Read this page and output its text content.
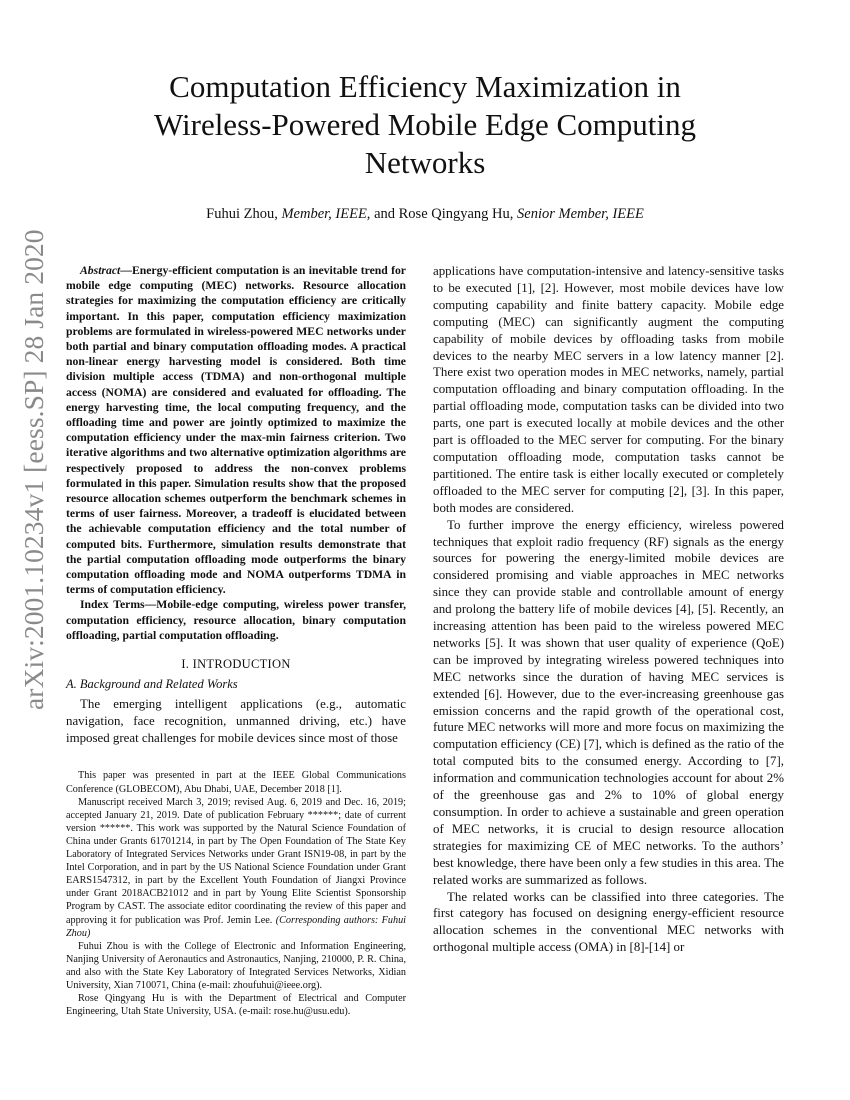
arXiv:2001.10234v1 [eess.SP] 28 Jan 2020
Computation Efficiency Maximization in
Wireless-Powered Mobile Edge Computing
Networks

Fuhui Zhou, Member, IEEE, and Rose Qingyang Hu, Senior Member, IEEE

Abstract—Energy-efficient computation is an inevitable trend for mobile edge computing (MEC) networks. Resource allocation strategies for maximizing the computation efficiency are critically important. In this paper, computation efficiency maximization problems are formulated in wireless-powered MEC networks under both partial and binary computation offloading modes. A practical non-linear energy harvesting model is considered. Both time division multiple access (TDMA) and non-orthogonal multiple access (NOMA) are considered and evaluated for offloading. The energy harvesting time, the local computing frequency, and the offloading time and power are jointly optimized to maximize the computation efficiency under the max-min fairness criterion. Two iterative algorithms and two alternative optimization algorithms are respectively proposed to address the non-convex problems formulated in this paper. Simulation results show that the proposed resource allocation schemes outperform the benchmark schemes in terms of user fairness. Moreover, a tradeoff is elucidated between the achievable computation efficiency and the total number of computed bits. Furthermore, simulation results demonstrate that the partial computation offloading mode outperforms the binary computation offloading mode and NOMA outperforms TDMA in terms of computation efficiency.

Index Terms—Mobile-edge computing, wireless power transfer, computation efficiency, resource allocation, binary computation offloading, partial computation offloading.

I. INTRODUCTION

A. Background and Related Works

The emerging intelligent applications (e.g., automatic navigation, face recognition, unmanned driving, etc.) have imposed great challenges for mobile devices since most of those

This paper was presented in part at the IEEE Global Communications Conference (GLOBECOM), Abu Dhabi, UAE, December 2018 [1].

Manuscript received March 3, 2019; revised Aug. 6, 2019 and Dec. 16, 2019; accepted January 21, 2019. Date of publication February ******; date of current version ******. This work was supported by the Natural Science Foundation of China under Grants 61701214, in part by The Open Foundation of The State Key Laboratory of Integrated Services Networks under Grant ISN19-08, in part by the Intel Corporation, and in part by the US National Science Foundation under Grant EARS1547312, in part by the Excellent Youth Foundation of Jiangxi Province under Grant 2018ACB21012 and in part by Young Elite Scientist Sponsorship Program by CAST. The associate editor coordinating the review of this paper and approving it for publication was Prof. Jemin Lee. (Corresponding authors: Fuhui Zhou)

Fuhui Zhou is with the College of Electronic and Information Engineering, Nanjing University of Aeronautics and Astronautics, Nanjing, 210000, P. R. China, and also with the State Key Laboratory of Integrated Services Networks, Xidian University, Xian 710071, China (e-mail: zhoufuhui@ieee.org).

Rose Qingyang Hu is with the Department of Electrical and Computer Engineering, Utah State University, USA. (e-mail: rose.hu@usu.edu).

applications have computation-intensive and latency-sensitive tasks to be executed [1], [2]. However, most mobile devices have low computing capability and finite battery capacity. Mobile edge computing (MEC) can significantly augment the computing capability of mobile devices by offloading tasks from mobile devices to the nearby MEC servers in a low latency manner [2]. There exist two operation modes in MEC networks, namely, partial computation offloading and binary computation offloading. In the partial offloading mode, computation tasks can be divided into two parts, one part is executed locally at mobile devices and the other part is offloaded to the MEC server for computing. For the binary computation offloading mode, computation tasks cannot be partitioned. The entire task is either locally executed or completely offloaded to the MEC server for computing [2], [3]. In this paper, both modes are considered.

To further improve the energy efficiency, wireless powered techniques that exploit radio frequency (RF) signals as the energy sources for powering the energy-limited mobile devices are considered promising and viable approaches in MEC networks since they can provide stable and controllable amount of energy and prolong the battery life of mobile devices [4], [5]. Recently, an increasing attention has been paid to the wireless powered MEC networks [5]. It was shown that user quality of experience (QoE) can be improved by integrating wireless powered techniques into MEC networks since the duration of having MEC services is extended [6]. However, due to the ever-increasing greenhouse gas emission concerns and the rapid growth of the operational cost, future MEC networks will more and more focus on maximizing the computation efficiency (CE) [7], which is defined as the ratio of the total computed bits to the consumed energy. According to [7], information and communication technologies account for about 2% of the greenhouse gas and 2% to 10% of global energy consumption. In order to achieve a sustainable and green operation of MEC networks, it is crucial to design resource allocation strategies for maximizing CE of MEC networks. To the authors’ best knowledge, there have been only a few studies in this area. The related works are summarized as follows.

The related works can be classified into three categories. The first category has focused on designing energy-efficient resource allocation schemes in the conventional MEC networks with orthogonal multiple access (OMA) in [8]-[14] or
